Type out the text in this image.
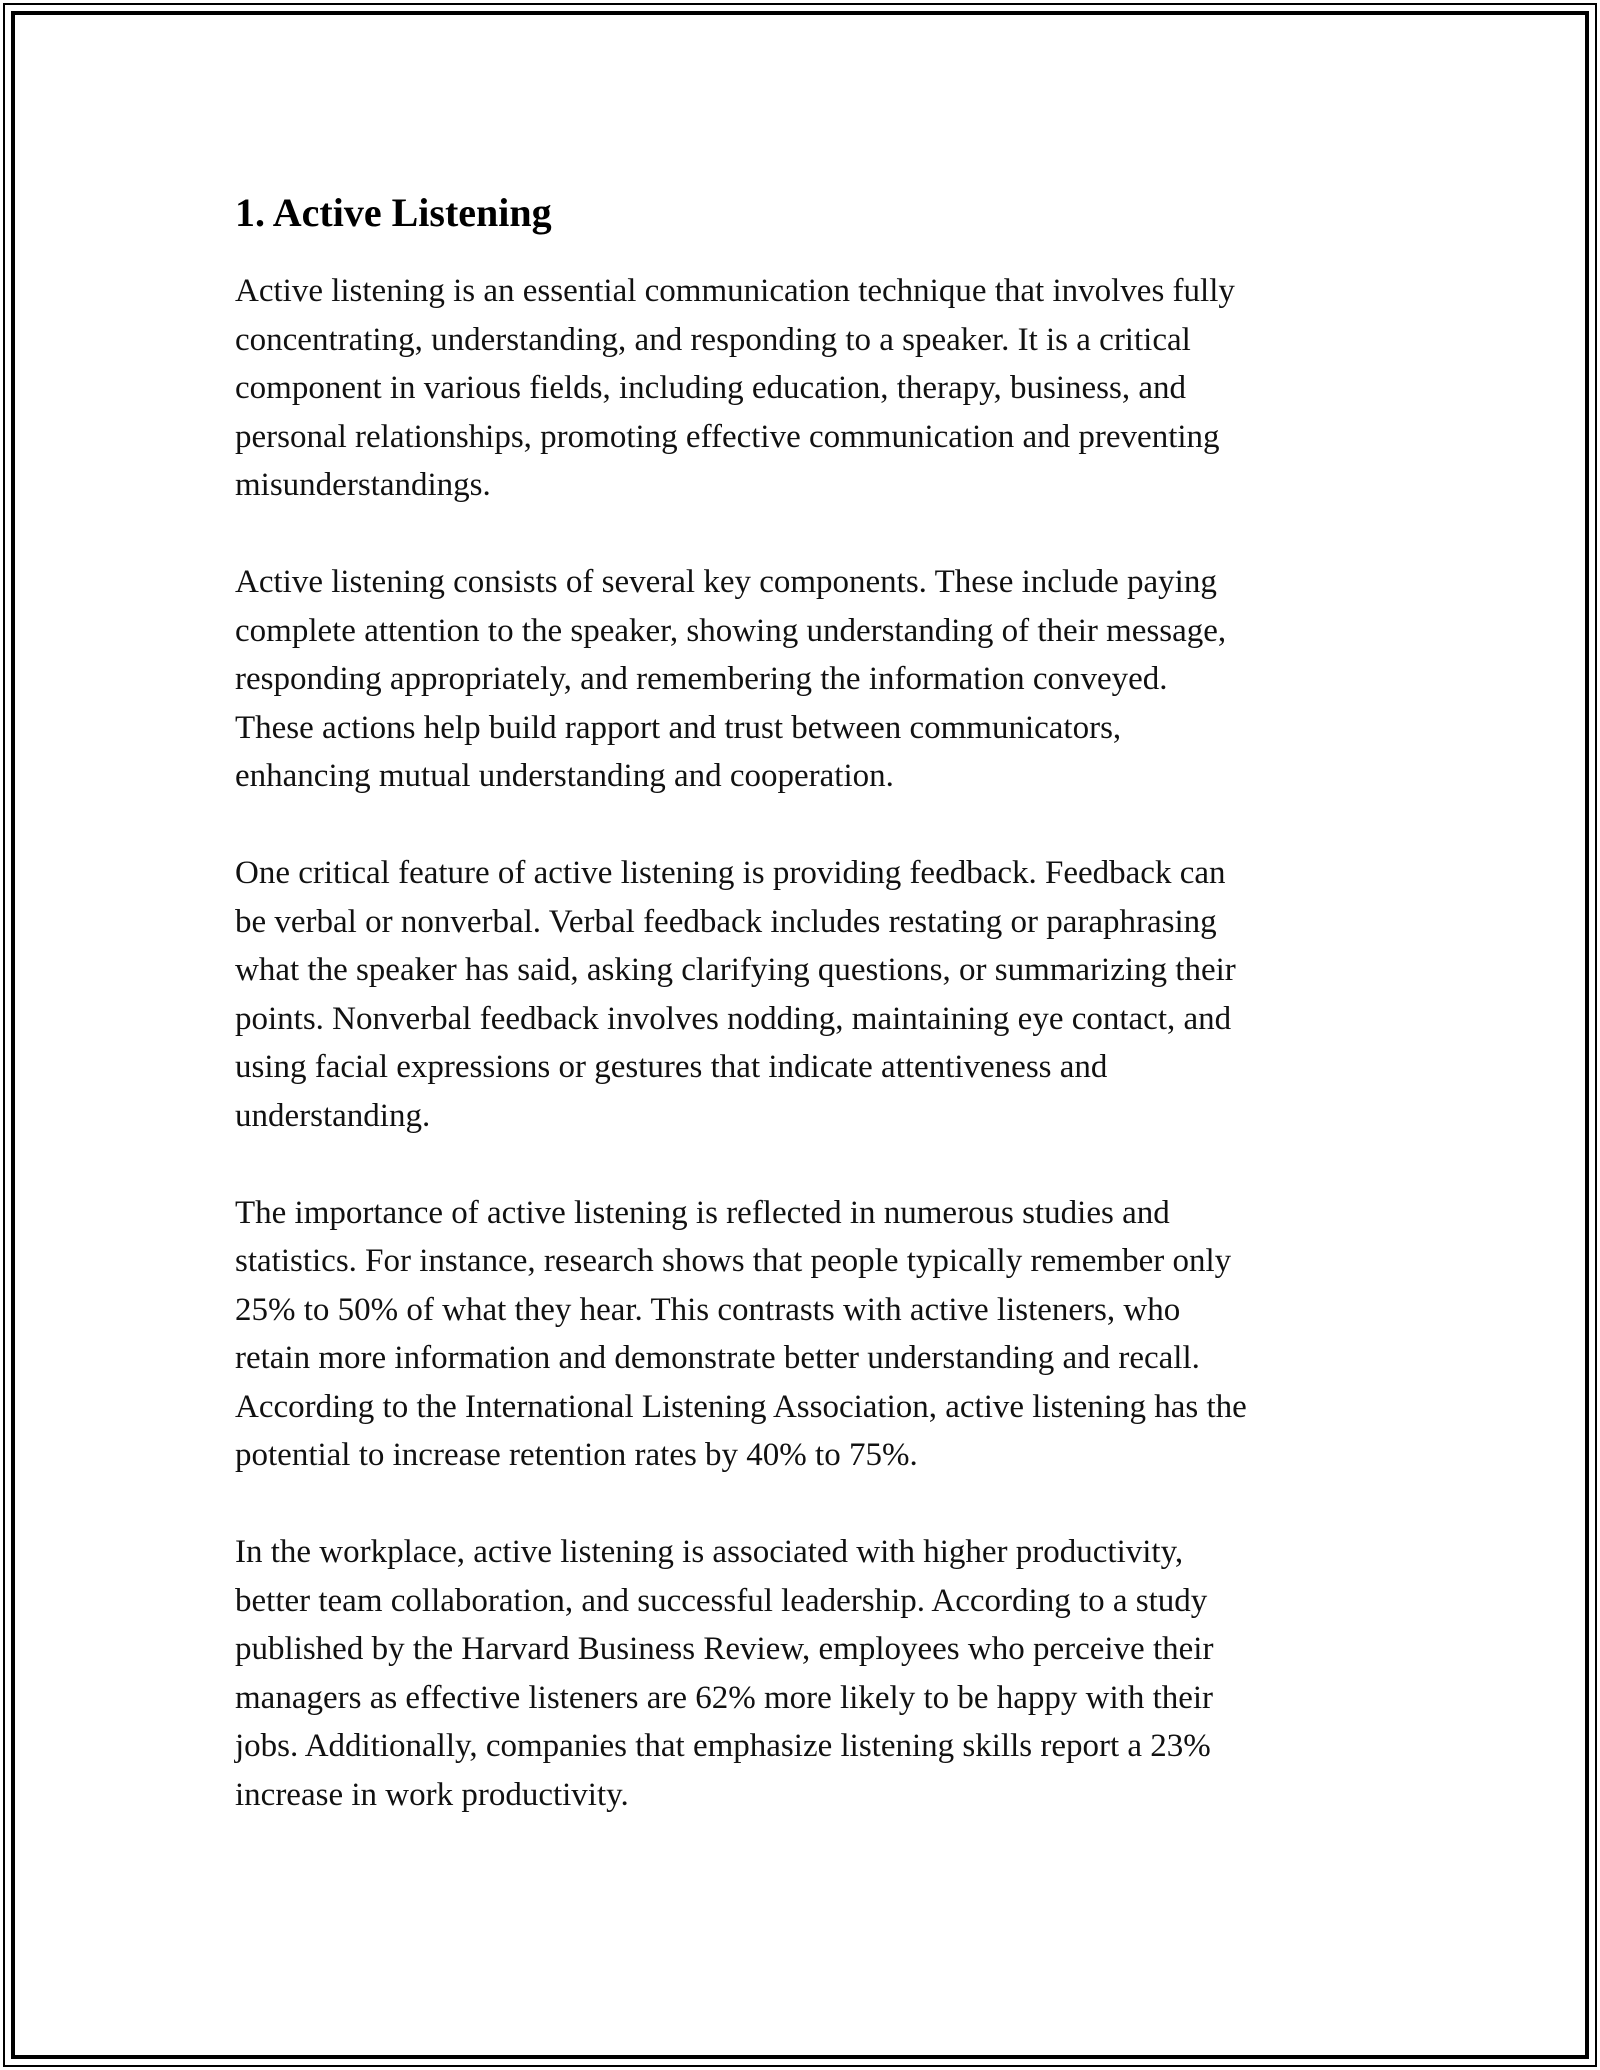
1. Active Listening

Active listening is an essential communication technique that involves fully
concentrating, understanding, and responding to a speaker. It is a critical
component in various fields, including education, therapy, business, and
personal relationships, promoting effective communication and preventing
misunderstandings.

Active listening consists of several key components. These include paying
complete attention to the speaker, showing understanding of their message,
responding appropriately, and remembering the information conveyed.
These actions help build rapport and trust between communicators,
enhancing mutual understanding and cooperation.

One critical feature of active listening is providing feedback. Feedback can
be verbal or nonverbal. Verbal feedback includes restating or paraphrasing
what the speaker has said, asking clarifying questions, or summarizing their
points. Nonverbal feedback involves nodding, maintaining eye contact, and
using facial expressions or gestures that indicate attentiveness and
understanding.

The importance of active listening is reflected in numerous studies and
statistics. For instance, research shows that people typically remember only
25% to 50% of what they hear. This contrasts with active listeners, who
retain more information and demonstrate better understanding and recall.
According to the International Listening Association, active listening has the
potential to increase retention rates by 40% to 75%.

In the workplace, active listening is associated with higher productivity,
better team collaboration, and successful leadership. According to a study
published by the Harvard Business Review, employees who perceive their
managers as effective listeners are 62% more likely to be happy with their
jobs. Additionally, companies that emphasize listening skills report a 23%
increase in work productivity.
